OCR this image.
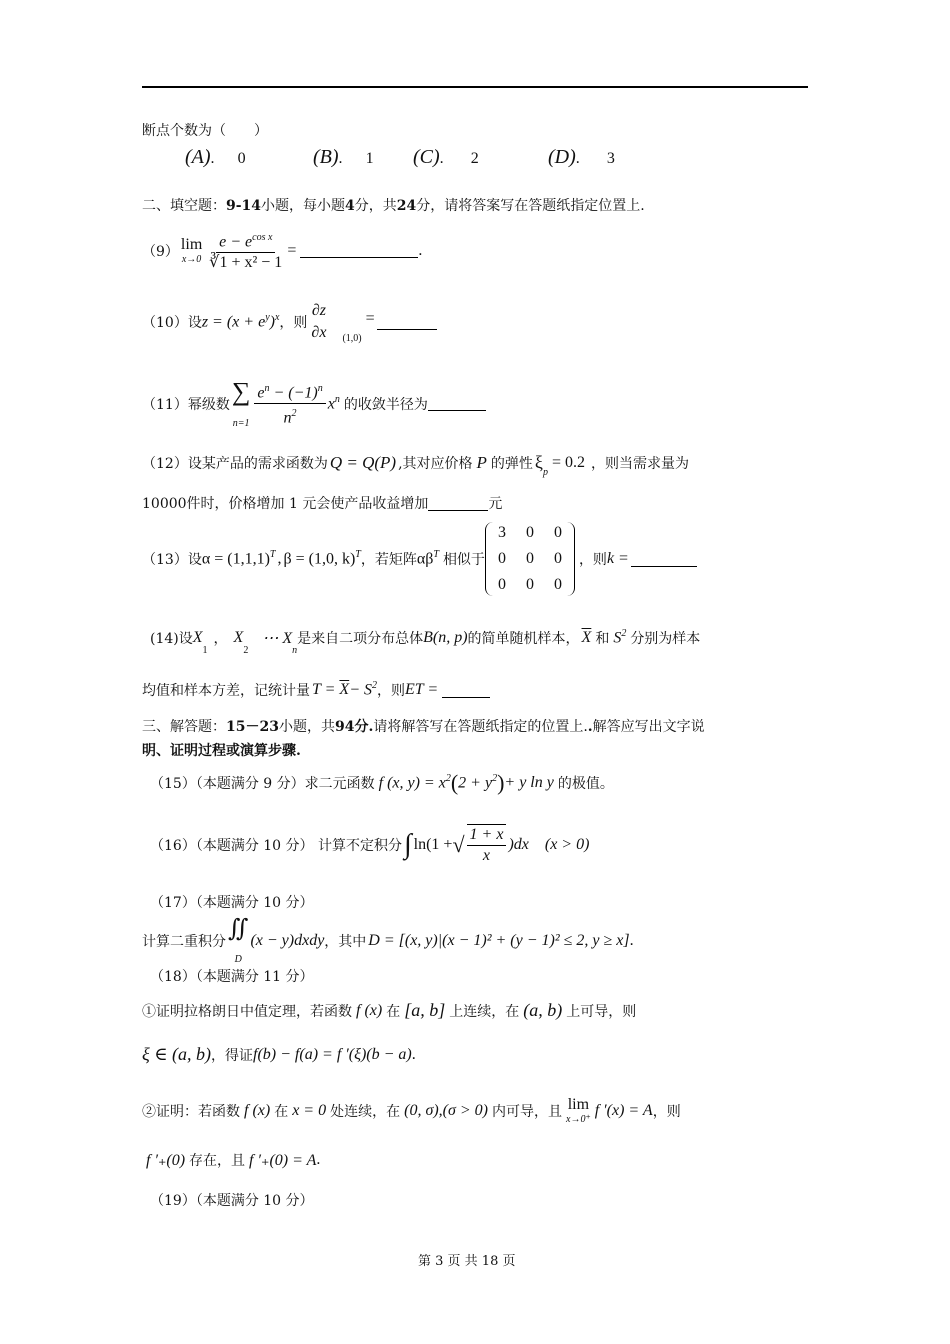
断点个数为（　　）
(A). 0	(B). 1 (C). 2	(D). 3
二、填空题：9-14小题，每小题4分，共24分，请将答案写在答题纸指定位置上.
（9） lim
$x\to 0 \frac{e - e^{cos x}}{\text{∛1 + x² − 1}}$ =	.
（10）设 $z = (x + e^y)^x$ ，则
∂z
∂x (1,0)
=
（11）幂级数 ∑
$n=1 \frac{e^n - (-1)^n}{n^2} x^n$ 的收敛半径为
（12）设某产品的需求函数为 Q = Q(P) ,其对应价格 P 的弹性 ξ
p
= 0.2 ，则当需求量为
10000件时，价格增加 1 元会使产品收益增加	元
（13）设 $\alpha = (1,1,1)^T$ , β = (1,0, k)$^T$ ，若矩阵 $\alpha\beta^T$ 相似于
3	0	0
0	0	0
0	0	0
，则 k =
(14)设 X
1
， X
2
⋯ X
n
是来自二项分布总体 B(n, p) 的简单随机样本， $\overline{X}$ 和 $S^2$ 分别为样本
均值和样本方差，记统计量 $T = \overline{X} - S^2$ ，则 ET =
三、解答题：15－23小题，共94分.请将解答写在答题纸指定的位置上..解答应写出文字说
明、证明过程或演算步骤.
（15）（本题满分 9 分）求二元函数 f (x, $y) = x^2$ ( $2 + y^2$ ) + y ln y 的极值。
（16）（本题满分 10 分） 计算不定积分 ∫ ln(1 + √ $\frac{1 + x}{x} )dx$ (x > 0)
（17）（本题满分 10 分）
计算二重积分 ∬
D
(x − y)dxdy ，其中 D = [(x, y)|(x − 1)² + (y − 1)² ≤ 2, y ≥ x] .
（18）（本题满分 11 分）
①证明拉格朗日中值定理，若函数 f (x) 在 [a, b] 上连续，在 (a, b) 上可导，则
ξ ∈ (a, b) ，得证 f(b) − f(a) = f ′(ξ)(b − a) .
②证明：若函数 f (x) 在 x = 0 处连续，在 (0, σ),(σ > 0) 内可导，且 lim
x→0⁺
f ′(x) = A ，则
f ′₊(0) 存在，且 f ′₊(0) = A .
（19）（本题满分 10 分）
第 3 页 共 18 页
